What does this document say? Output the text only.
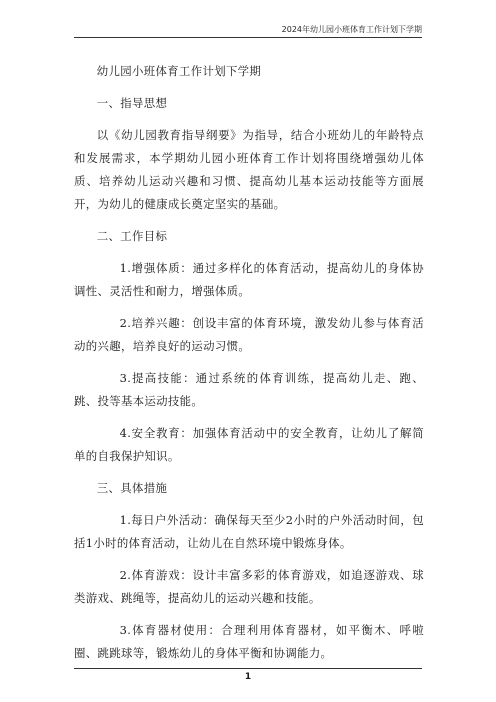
2024年幼儿园小班体育工作计划下学期

幼儿园小班体育工作计划下学期

一、指导思想

以《幼儿园教育指导纲要》为指导，结合小班幼儿的年龄特点和发展需求，本学期幼儿园小班体育工作计划将围绕增强幼儿体质、培养幼儿运动兴趣和习惯、提高幼儿基本运动技能等方面展开，为幼儿的健康成长奠定坚实的基础。

二、工作目标

1.增强体质：通过多样化的体育活动，提高幼儿的身体协调性、灵活性和耐力，增强体质。

2.培养兴趣：创设丰富的体育环境，激发幼儿参与体育活动的兴趣，培养良好的运动习惯。

3.提高技能：通过系统的体育训练，提高幼儿走、跑、跳、投等基本运动技能。

4.安全教育：加强体育活动中的安全教育，让幼儿了解简单的自我保护知识。

三、具体措施

1.每日户外活动：确保每天至少2小时的户外活动时间，包括1小时的体育活动，让幼儿在自然环境中锻炼身体。

2.体育游戏：设计丰富多彩的体育游戏，如追逐游戏、球类游戏、跳绳等，提高幼儿的运动兴趣和技能。

3.体育器材使用：合理利用体育器材，如平衡木、呼啦圈、跳跳球等，锻炼幼儿的身体平衡和协调能力。

1
